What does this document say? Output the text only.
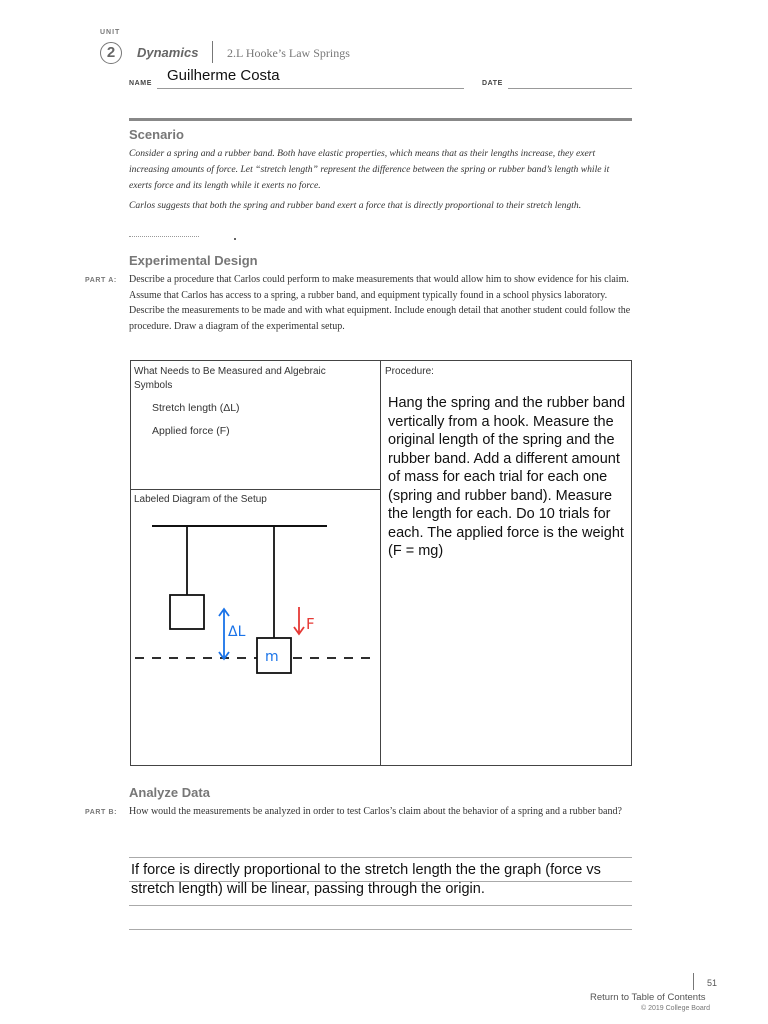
UNIT
2	Dynamics 2.L Hooke’s Law Springs
NAME Guilherme Costa	DATE
Scenario
Consider a spring and a rubber band. Both have elastic properties, which means that as their lengths increase, they exert increasing amounts of force. Let “stretch length” represent the difference between the spring or rubber band’s length while it exerts force and its length while it exerts no force.
Carlos suggests that both the spring and rubber band exert a force that is directly proportional to their stretch length.
Experimental Design
PART A: Describe a procedure that Carlos could perform to make measurements that would allow him to show evidence for his claim. Assume that Carlos has access to a spring, a rubber band, and equipment typically found in a school physics laboratory. Describe the measurements to be made and with what equipment. Include enough detail that another student could follow the procedure. Draw a diagram of the experimental setup.
What Needs to Be Measured and Algebraic Symbols
Stretch length (ΔL)
Applied force (F)
Labeled Diagram of the Setup
Procedure:
Hang the spring and the rubber band vertically from a hook. Measure the original length of the spring and the rubber band. Add a different amount of mass for each trial for each one (spring and rubber band). Measure the length for each. Do 10 trials for each. The applied force is the weight (F = mg)
ΔL	F
m
Analyze Data
PART B: How would the measurements be analyzed in order to test Carlos’s claim about the behavior of a spring and a rubber band?
If force is directly proportional to the stretch length the the graph (force vs stretch length) will be linear, passing through the origin.
51
Return to Table of Contents
© 2019 College Board
